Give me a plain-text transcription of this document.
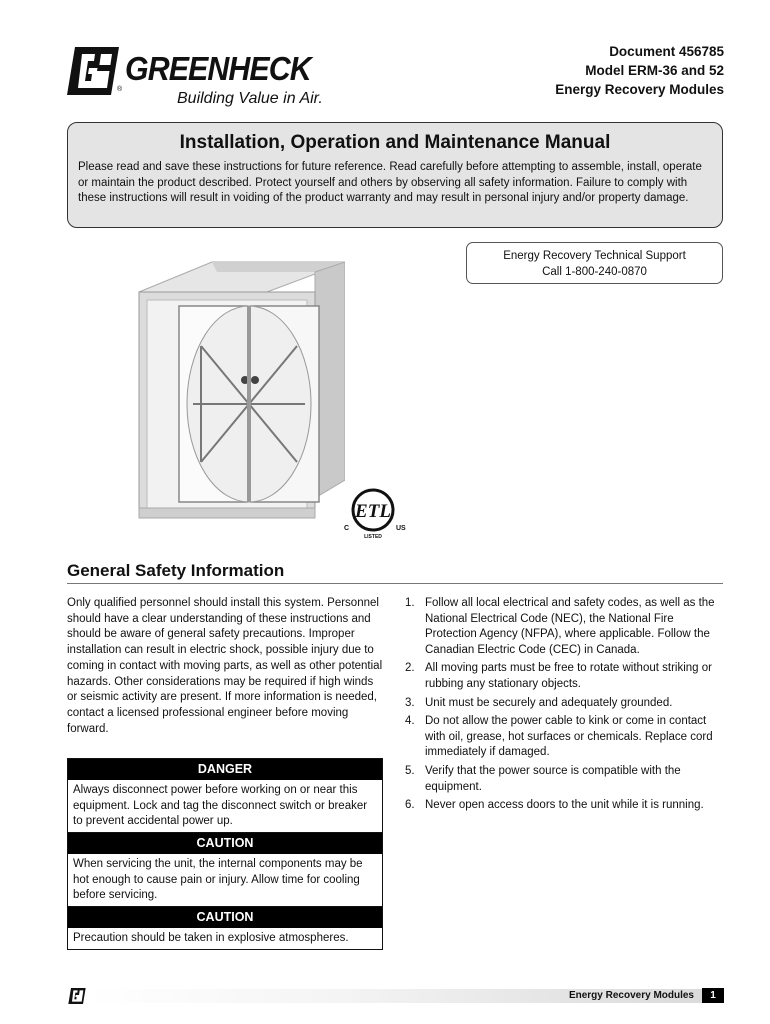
®
GREENHECK
Building Value in Air.
Document 456785
Model ERM-36 and 52
Energy Recovery Modules
Installation, Operation and Maintenance Manual
Please read and save these instructions for future reference. Read carefully before attempting to assemble, install, operate or maintain the product described. Protect yourself and others by observing all safety information. Failure to comply with these instructions will result in voiding of the product warranty and may result in personal injury and/or property damage.
Energy Recovery Technical Support
Call 1-800-240-0870
ETL
C	US
LISTED
General Safety Information
Only qualified personnel should install this system. Personnel should have a clear understanding of these instructions and should be aware of general safety precautions. Improper installation can result in electric shock, possible injury due to coming in contact with moving parts, as well as other potential hazards. Other considerations may be required if high winds or seismic activity are present. If more information is needed, contact a licensed professional engineer before moving forward.
DANGER
Always disconnect power before working on or near this equipment. Lock and tag the disconnect switch or breaker to prevent accidental power up.
CAUTION
When servicing the unit, the internal components may be hot enough to cause pain or injury. Allow time for cooling before servicing.
CAUTION
Precaution should be taken in explosive atmospheres.
1. Follow all local electrical and safety codes, as well as the National Electrical Code (NEC), the National Fire Protection Agency (NFPA), where applicable. Follow the Canadian Electric Code (CEC) in Canada.
2. All moving parts must be free to rotate without striking or rubbing any stationary objects.
3. Unit must be securely and adequately grounded.
4. Do not allow the power cable to kink or come in contact with oil, grease, hot surfaces or chemicals. Replace cord immediately if damaged.
5. Verify that the power source is compatible with the equipment.
6. Never open access doors to the unit while it is running.
Energy Recovery Modules	1
